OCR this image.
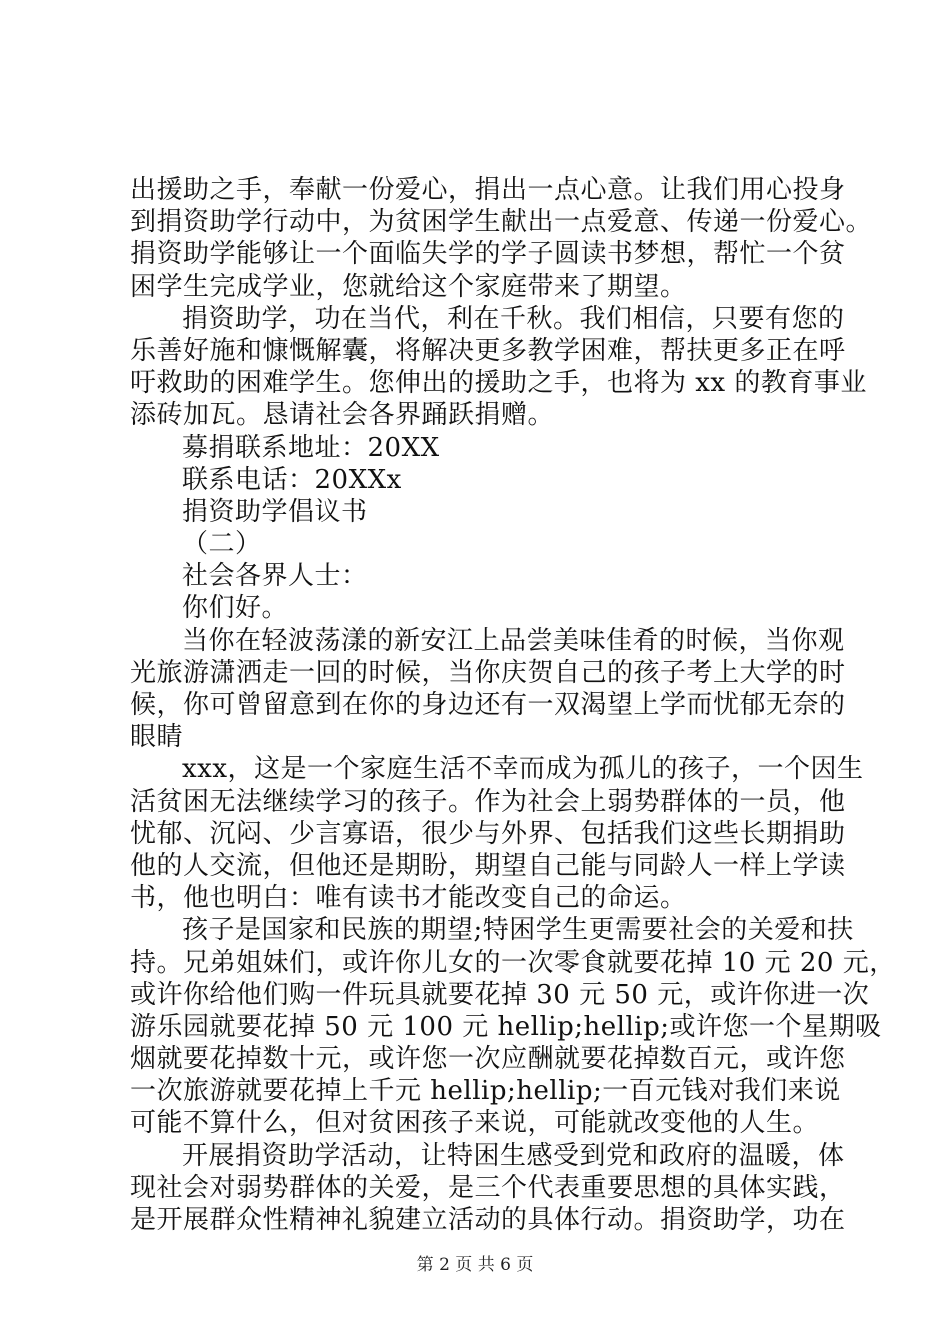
出援助之手，奉献一份爱心，捐出一点心意。让我们用心投身
到捐资助学行动中，为贫困学生献出一点爱意、传递一份爱心。
捐资助学能够让一个面临失学的学子圆读书梦想，帮忙一个贫
困学生完成学业，您就给这个家庭带来了期望。
捐资助学，功在当代，利在千秋。我们相信，只要有您的
乐善好施和慷慨解囊，将解决更多教学困难，帮扶更多正在呼
吁救助的困难学生。您伸出的援助之手，也将为 xx 的教育事业
添砖加瓦。恳请社会各界踊跃捐赠。
募捐联系地址：20XX
联系电话：20XXx
捐资助学倡议书
（二）
社会各界人士：
你们好。
当你在轻波荡漾的新安江上品尝美味佳肴的时候，当你观
光旅游潇洒走一回的时候，当你庆贺自己的孩子考上大学的时
候，你可曾留意到在你的身边还有一双渴望上学而忧郁无奈的
眼睛
xxx，这是一个家庭生活不幸而成为孤儿的孩子，一个因生
活贫困无法继续学习的孩子。作为社会上弱势群体的一员，他
忧郁、沉闷、少言寡语，很少与外界、包括我们这些长期捐助
他的人交流，但他还是期盼，期望自己能与同龄人一样上学读
书，他也明白：唯有读书才能改变自己的命运。
孩子是国家和民族的期望;特困学生更需要社会的关爱和扶
持。兄弟姐妹们，或许你儿女的一次零食就要花掉 10 元 20 元，
或许你给他们购一件玩具就要花掉 30 元 50 元，或许你进一次
游乐园就要花掉 50 元 100 元 hellip;hellip;或许您一个星期吸
烟就要花掉数十元，或许您一次应酬就要花掉数百元，或许您
一次旅游就要花掉上千元 hellip;hellip;一百元钱对我们来说
可能不算什么，但对贫困孩子来说，可能就改变他的人生。
开展捐资助学活动，让特困生感受到党和政府的温暖，体
现社会对弱势群体的关爱，是三个代表重要思想的具体实践，
是开展群众性精神礼貌建立活动的具体行动。捐资助学，功在
第 2 页 共 6 页
